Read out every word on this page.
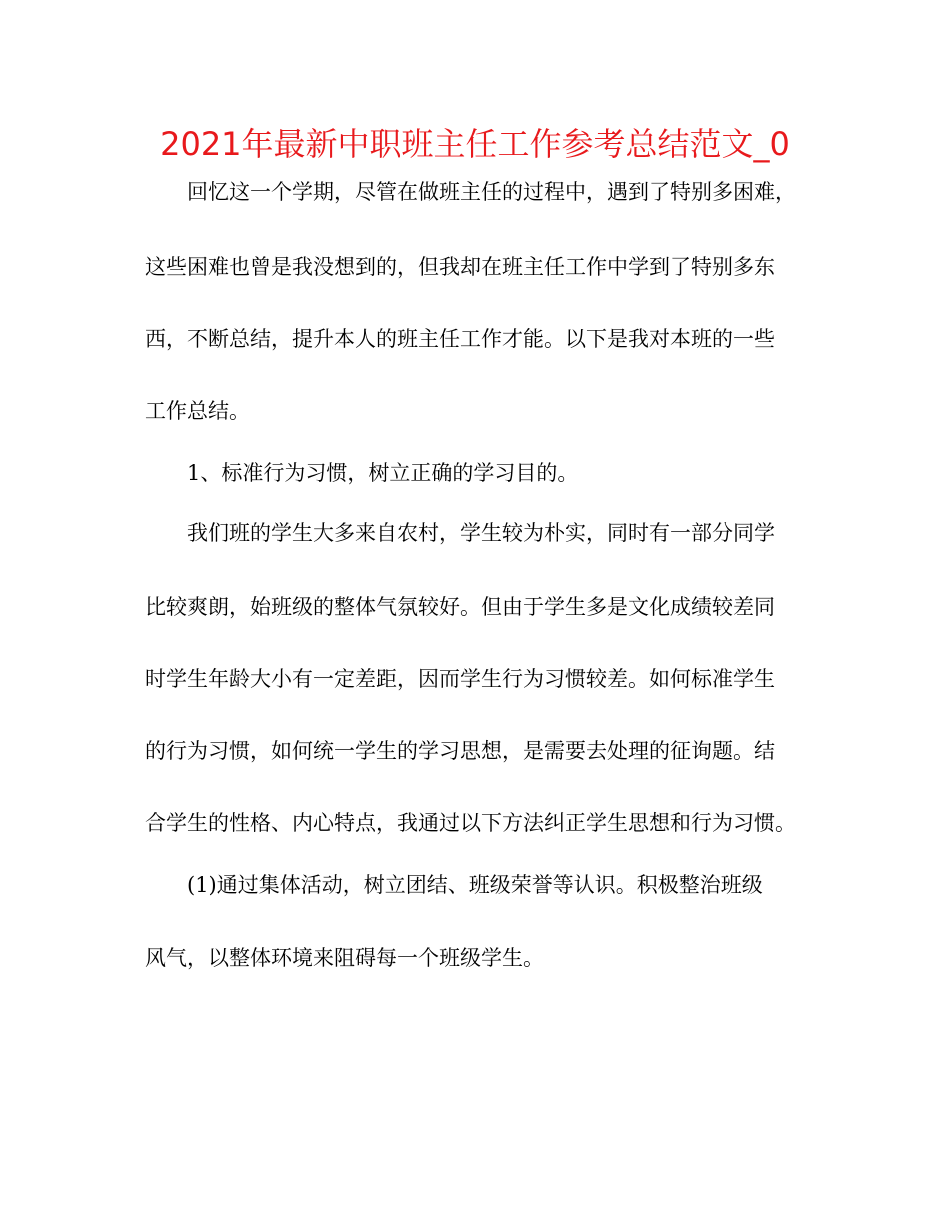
2021年最新中职班主任工作参考总结范文_0
回忆这一个学期，尽管在做班主任的过程中，遇到了特别多困难，
这些困难也曾是我没想到的，但我却在班主任工作中学到了特别多东
西，不断总结，提升本人的班主任工作才能。以下是我对本班的一些
工作总结。
1、标准行为习惯，树立正确的学习目的。
我们班的学生大多来自农村，学生较为朴实，同时有一部分同学
比较爽朗，始班级的整体气氛较好。但由于学生多是文化成绩较差同
时学生年龄大小有一定差距，因而学生行为习惯较差。如何标准学生
的行为习惯，如何统一学生的学习思想，是需要去处理的征询题。结
合学生的性格、内心特点，我通过以下方法纠正学生思想和行为习惯。
(1)通过集体活动，树立团结、班级荣誉等认识。积极整治班级
风气，以整体环境来阻碍每一个班级学生。
